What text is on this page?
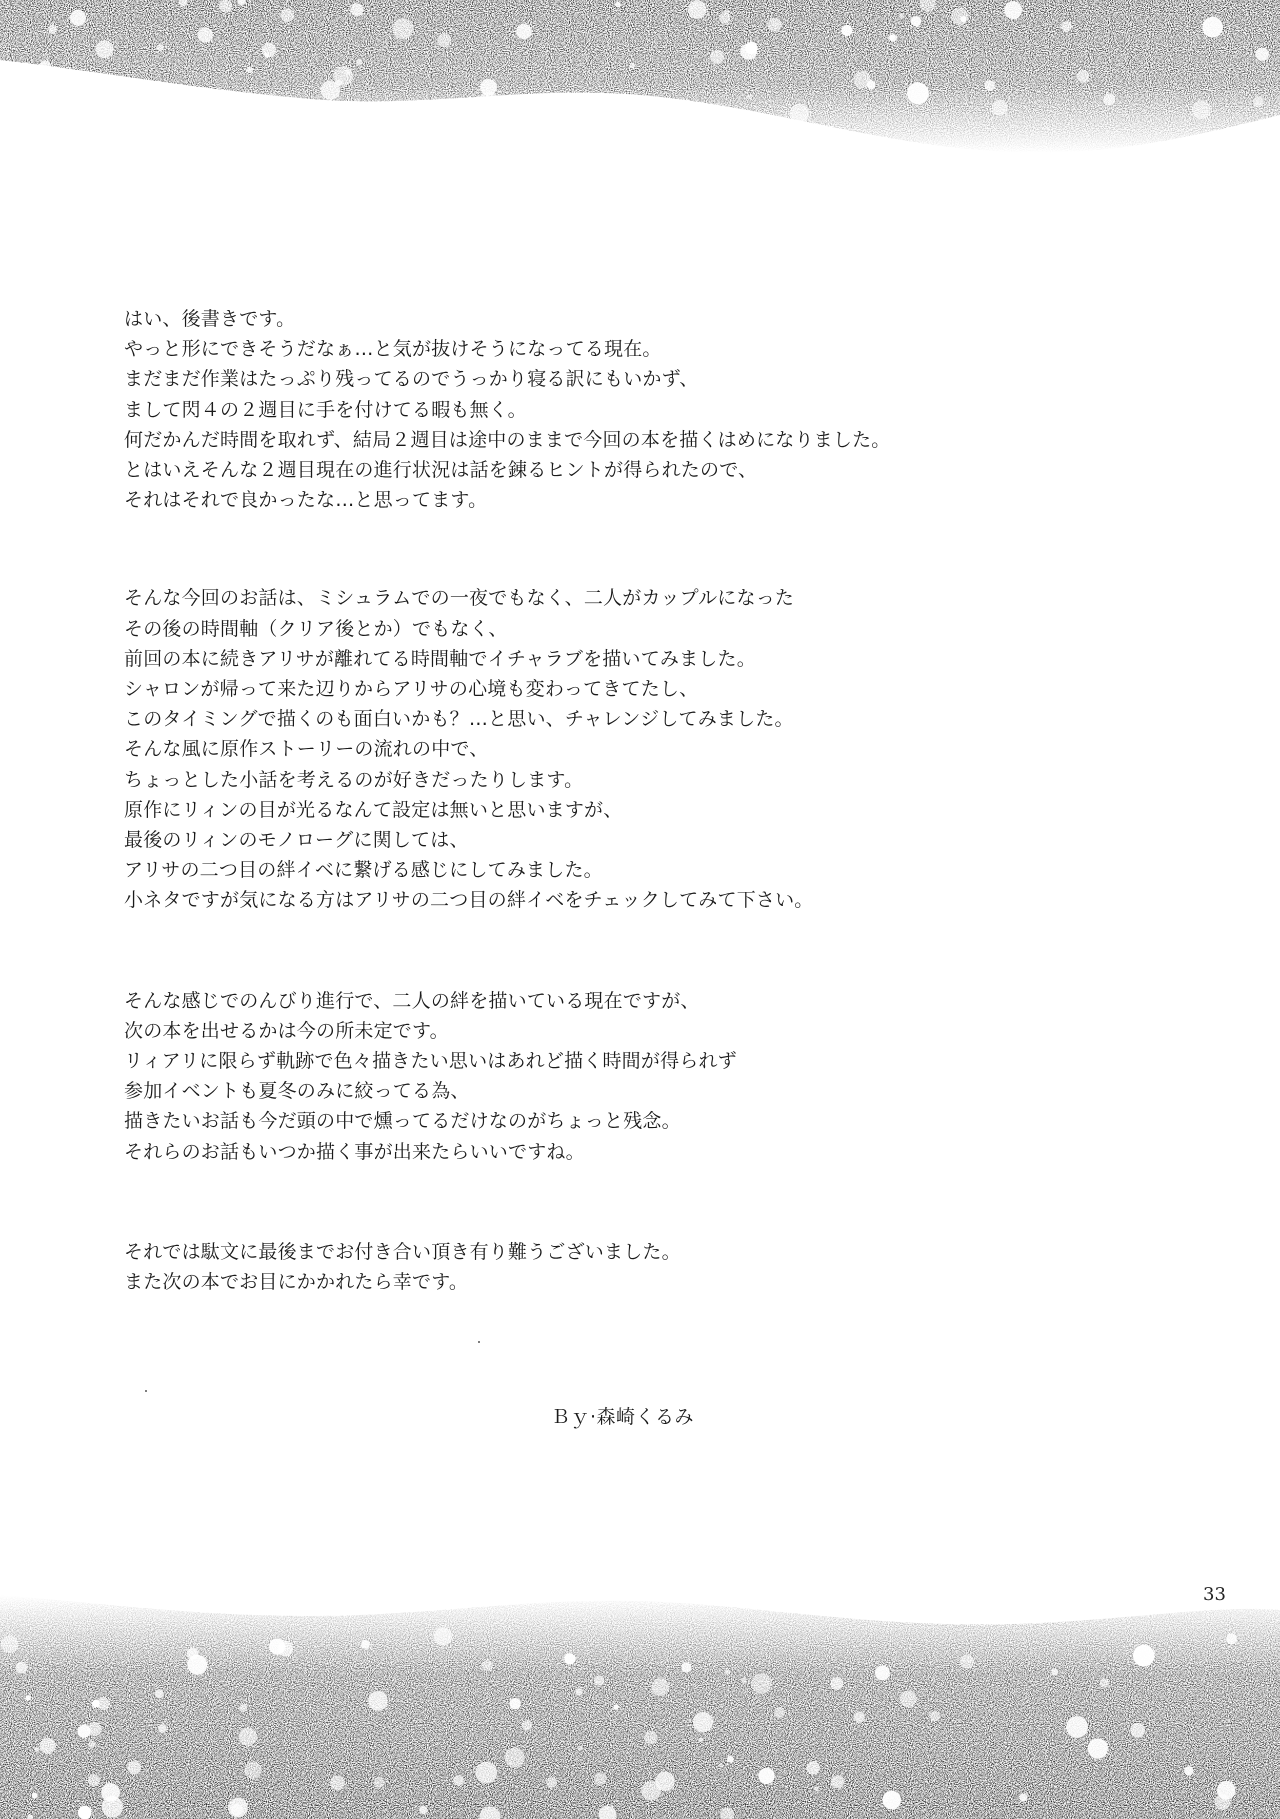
はい、後書きです。

やっと形にできそうだなぁ…と気が抜けそうになってる現在。

まだまだ作業はたっぷり残ってるのでうっかり寝る訳にもいかず、

まして閃４の２週目に手を付けてる暇も無く。

何だかんだ時間を取れず、結局２週目は途中のままで今回の本を描くはめになりました。

とはいえそんな２週目現在の進行状況は話を錬るヒントが得られたので、

それはそれで良かったな…と思ってます。

そんな今回のお話は、ミシュラムでの一夜でもなく、二人がカップルになった

その後の時間軸（クリア後とか）でもなく、

前回の本に続きアリサが離れてる時間軸でイチャラブを描いてみました。

シャロンが帰って来た辺りからアリサの心境も変わってきてたし、

このタイミングで描くのも面白いかも？…と思い、チャレンジしてみました。

そんな風に原作ストーリーの流れの中で、

ちょっとした小話を考えるのが好きだったりします。

原作にリィンの目が光るなんて設定は無いと思いますが、

最後のリィンのモノローグに関しては、

アリサの二つ目の絆イベに繋げる感じにしてみました。

小ネタですが気になる方はアリサの二つ目の絆イベをチェックしてみて下さい。

そんな感じでのんびり進行で、二人の絆を描いている現在ですが、

次の本を出せるかは今の所未定です。

リィアリに限らず軌跡で色々描きたい思いはあれど描く時間が得られず

参加イベントも夏冬のみに絞ってる為、

描きたいお話も今だ頭の中で燻ってるだけなのがちょっと残念。

それらのお話もいつか描く事が出来たらいいですね。

それでは駄文に最後までお付き合い頂き有り難うございました。

また次の本でお目にかかれたら幸です。

Ｂｙ·森崎くるみ
33
